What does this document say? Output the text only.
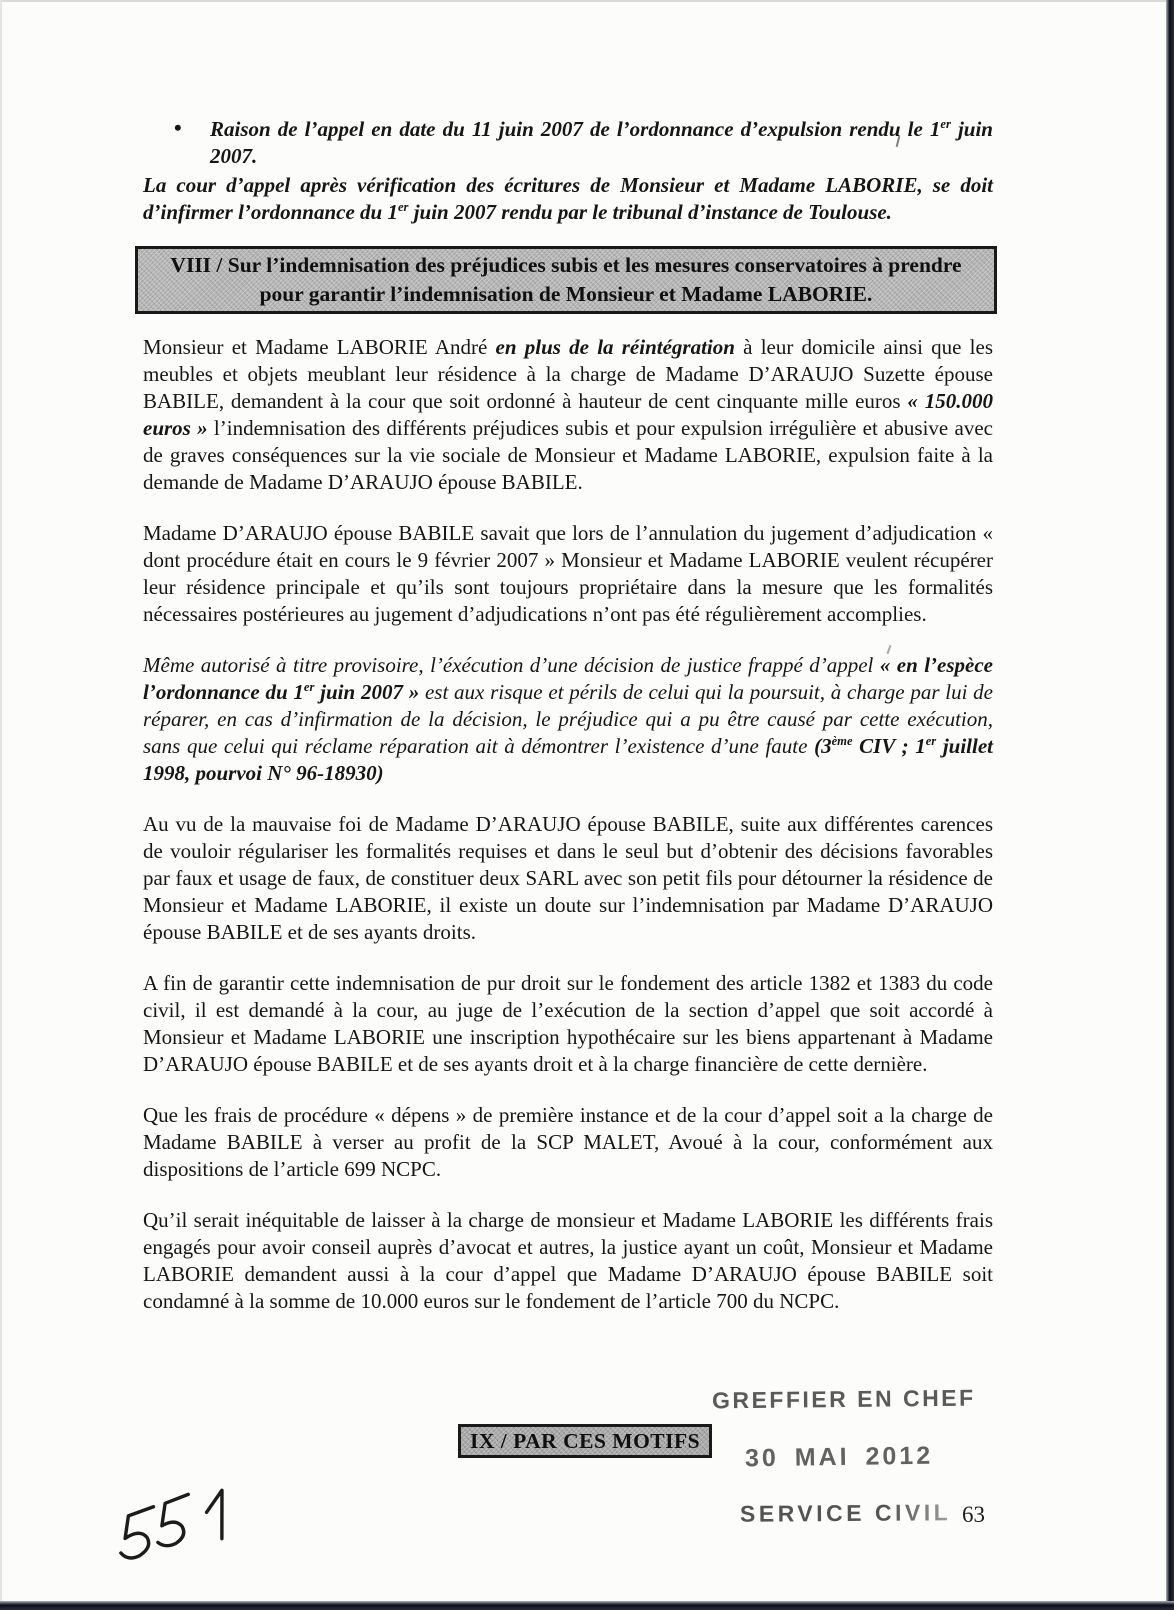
• Raison de l’appel en date du 11 juin 2007 de l’ordonnance d’expulsion rendu le 1er juin 2007.

La cour d’appel après vérification des écritures de Monsieur et Madame LABORIE, se doit d’infirmer l’ordonnance du 1er juin 2007 rendu par le tribunal d’instance de Toulouse.

VIII / Sur l’indemnisation des préjudices subis et les mesures conservatoires à prendre pour garantir l’indemnisation de Monsieur et Madame LABORIE.

Monsieur et Madame LABORIE André en plus de la réintégration à leur domicile ainsi que les meubles et objets meublant leur résidence à la charge de Madame D’ARAUJO Suzette épouse BABILE, demandent à la cour que soit ordonné à hauteur de cent cinquante mille euros « 150.000 euros » l’indemnisation des différents préjudices subis et pour expulsion irrégulière et abusive avec de graves conséquences sur la vie sociale de Monsieur et Madame LABORIE, expulsion faite à la demande de Madame D’ARAUJO épouse BABILE.

Madame D’ARAUJO épouse BABILE savait que lors de l’annulation du jugement d’adjudication « dont procédure était en cours le 9 février 2007 » Monsieur et Madame LABORIE veulent récupérer leur résidence principale et qu’ils sont toujours propriétaire dans la mesure que les formalités nécessaires postérieures au jugement d’adjudications n’ont pas été régulièrement accomplies.

Même autorisé à titre provisoire, l’éxécution d’une décision de justice frappé d’appel « en l’espèce l’ordonnance du 1er juin 2007 » est aux risque et périls de celui qui la poursuit, à charge par lui de réparer, en cas d’infirmation de la décision, le préjudice qui a pu être causé par cette exécution, sans que celui qui réclame réparation ait à démontrer l’existence d’une faute (3ème CIV ; 1er juillet 1998, pourvoi N° 96-18930)

Au vu de la mauvaise foi de Madame D’ARAUJO épouse BABILE, suite aux différentes carences de vouloir régulariser les formalités requises et dans le seul but d’obtenir des décisions favorables par faux et usage de faux, de constituer deux SARL avec son petit fils pour détourner la résidence de Monsieur et Madame LABORIE, il existe un doute sur l’indemnisation par Madame D’ARAUJO épouse BABILE et de ses ayants droits.

A fin de garantir cette indemnisation de pur droit sur le fondement des article 1382 et 1383 du code civil, il est demandé à la cour, au juge de l’exécution de la section d’appel que soit accordé à Monsieur et Madame LABORIE une inscription hypothécaire sur les biens appartenant à Madame D’ARAUJO épouse BABILE et de ses ayants droit et à la charge financière de cette dernière.

Que les frais de procédure « dépens » de première instance et de la cour d’appel soit a la charge de Madame BABILE à verser au profit de la SCP MALET, Avoué à la cour, conformément aux dispositions de l’article 699 NCPC.

Qu’il serait inéquitable de laisser à la charge de monsieur et Madame LABORIE les différents frais engagés pour avoir conseil auprès d’avocat et autres, la justice ayant un coût, Monsieur et Madame LABORIE demandent aussi à la cour d’appel que Madame D’ARAUJO épouse BABILE soit condamné à la somme de 10.000 euros sur le fondement de l’article 700 du NCPC.

IX / PAR CES MOTIFS
GREFFIER EN CHEF
30 MAI 2012
SERVICE CIVIL 63
